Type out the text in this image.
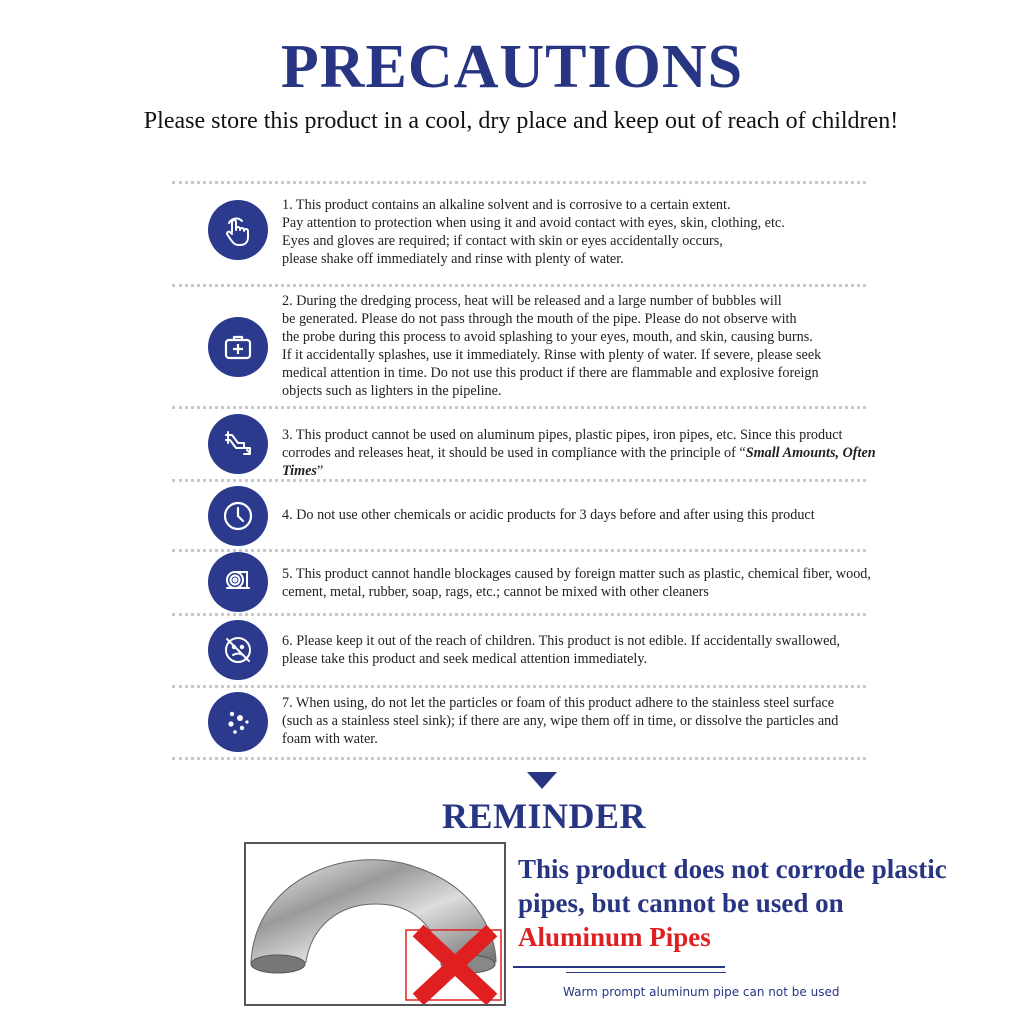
PRECAUTIONS

Please store this product in a cool, dry place and keep out of reach of children!

1. This product contains an alkaline solvent and is corrosive to a certain extent.

Pay attention to protection when using it and avoid contact with eyes, skin, clothing, etc.

Eyes and gloves are required; if contact with skin or eyes accidentally occurs,

please shake off immediately and rinse with plenty of water.

2. During the dredging process, heat will be released and a large number of bubbles will

be generated. Please do not pass through the mouth of the pipe. Please do not observe with

the probe during this process to avoid splashing to your eyes, mouth, and skin, causing burns.

If it accidentally splashes, use it immediately. Rinse with plenty of water. If severe, please seek

medical attention in time. Do not use this product if there are flammable and explosive foreign

objects such as lighters in the pipeline.

3. This product cannot be used on aluminum pipes, plastic pipes, iron pipes, etc. Since this product

corrodes and releases heat, it should be used in compliance with the principle of “Small Amounts, Often Times”

4. Do not use other chemicals or acidic products for 3 days before and after using this product

5. This product cannot handle blockages caused by foreign matter such as plastic, chemical fiber, wood,

cement, metal, rubber, soap, rags, etc.; cannot be mixed with other cleaners

6. Please keep it out of the reach of children. This product is not edible. If accidentally swallowed,

please take this product and seek medical attention immediately.

7. When using, do not let the particles or foam of this product adhere to the stainless steel surface

(such as a stainless steel sink); if there are any, wipe them off in time, or dissolve the particles and

foam with water.

REMINDER
This product does not corrode plastic
pipes, but cannot be used on
Aluminum Pipes
Warm prompt aluminum pipe can not be used
